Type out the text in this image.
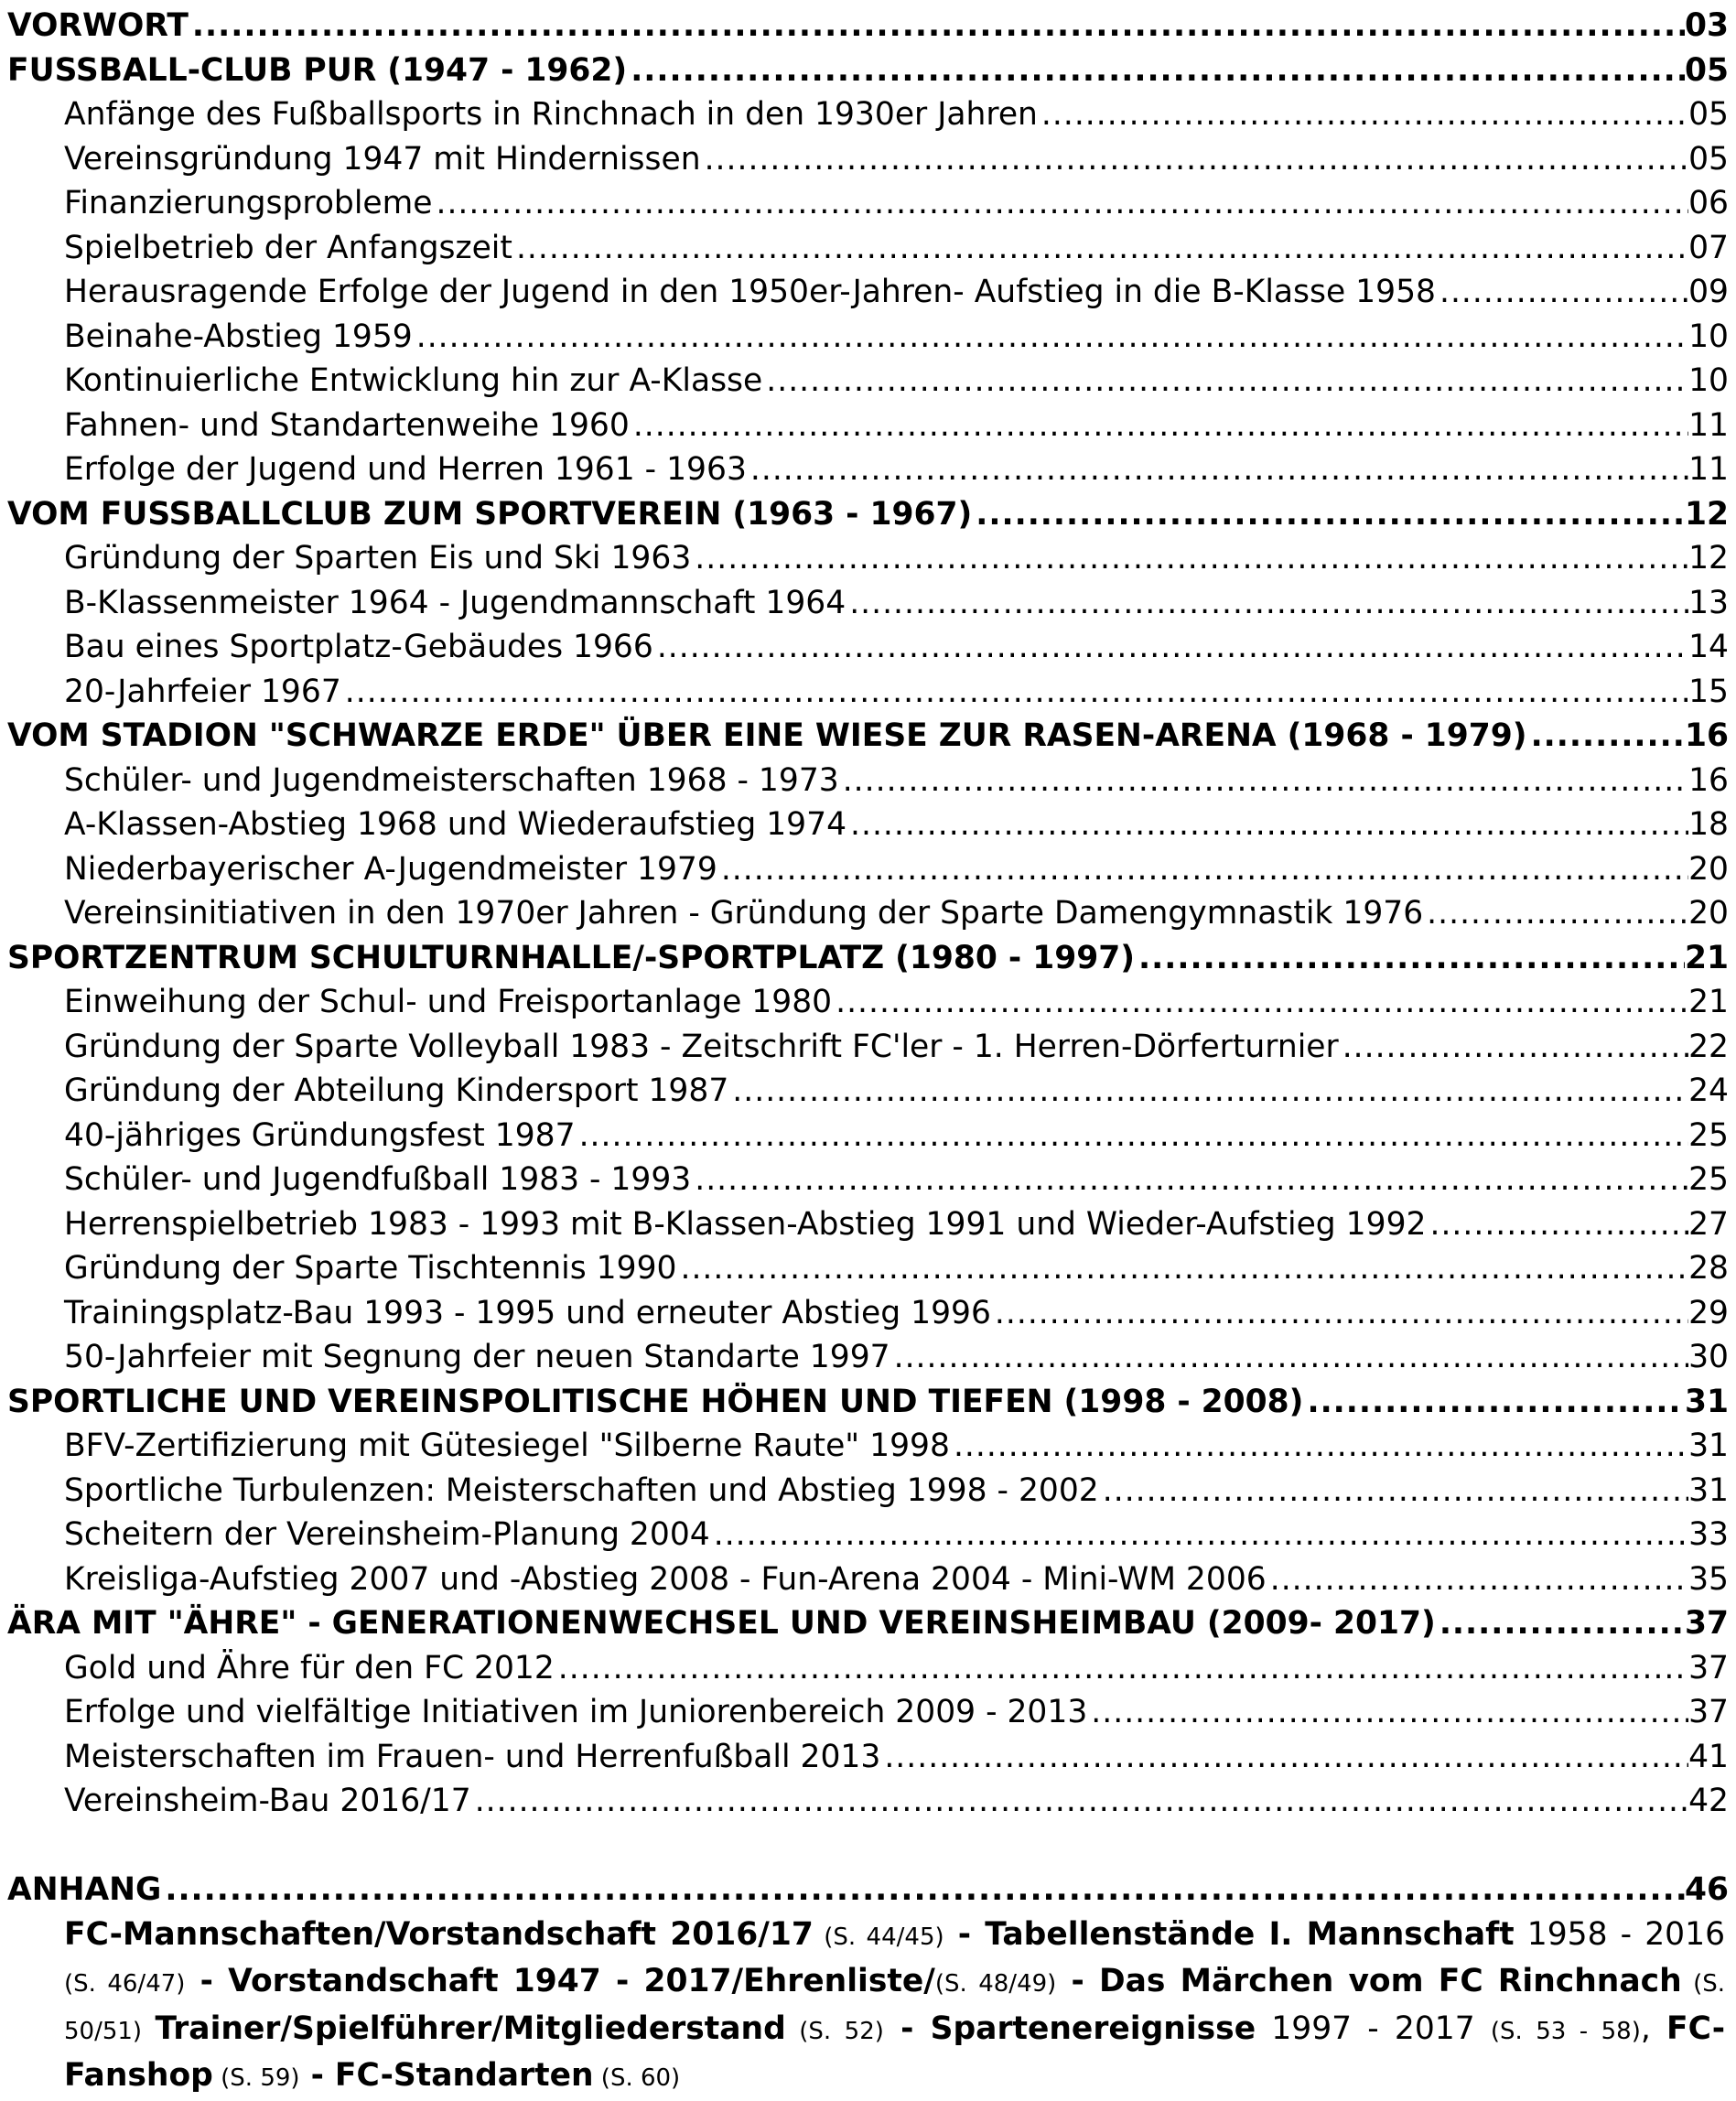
VORWORT .....	03
FUSSBALL-CLUB PUR (1947 - 1962) .....	05
Anfänge des Fußballsports in Rinchnach in den 1930er Jahren .....	05
Vereinsgründung 1947 mit Hindernissen .....	05
Finanzierungsprobleme .....	06
Spielbetrieb der Anfangszeit .....	07
Herausragende Erfolge der Jugend in den 1950er-Jahren- Aufstieg in die B-Klasse 1958 .....	09
Beinahe-Abstieg 1959 .....	10
Kontinuierliche Entwicklung hin zur A-Klasse .....	10
Fahnen- und Standartenweihe 1960 .....	11
Erfolge der Jugend und Herren 1961 - 1963 .....	11
VOM FUSSBALLCLUB ZUM SPORTVEREIN (1963 - 1967) .....	12
Gründung der Sparten Eis und Ski 1963 .....	12
B-Klassenmeister 1964 - Jugendmannschaft 1964 .....	13
Bau eines Sportplatz-Gebäudes 1966 .....	14
20-Jahrfeier 1967 .....	15
VOM STADION "SCHWARZE ERDE" ÜBER EINE WIESE ZUR RASEN-ARENA (1968 - 1979) .....	16
Schüler- und Jugendmeisterschaften 1968 - 1973 .....	16
A-Klassen-Abstieg 1968 und Wiederaufstieg 1974 .....	18
Niederbayerischer A-Jugendmeister 1979 .....	20
Vereinsinitiativen in den 1970er Jahren - Gründung der Sparte Damengymnastik 1976 .....	20
SPORTZENTRUM SCHULTURNHALLE/-SPORTPLATZ (1980 - 1997) .....	21
Einweihung der Schul- und Freisportanlage 1980 .....	21
Gründung der Sparte Volleyball 1983 - Zeitschrift FC'ler - 1. Herren-Dörferturnier .....	22
Gründung der Abteilung Kindersport 1987 .....	24
40-jähriges Gründungsfest 1987 .....	25
Schüler- und Jugendfußball 1983 - 1993 .....	25
Herrenspielbetrieb 1983 - 1993 mit B-Klassen-Abstieg 1991 und Wieder-Aufstieg 1992 .....	27
Gründung der Sparte Tischtennis 1990 .....	28
Trainingsplatz-Bau 1993 - 1995 und erneuter Abstieg 1996 .....	29
50-Jahrfeier mit Segnung der neuen Standarte 1997 .....	30
SPORTLICHE UND VEREINSPOLITISCHE HÖHEN UND TIEFEN (1998 - 2008) .....	31
BFV-Zertifizierung mit Gütesiegel "Silberne Raute" 1998 .....	31
Sportliche Turbulenzen: Meisterschaften und Abstieg 1998 - 2002 .....	31
Scheitern der Vereinsheim-Planung 2004 .....	33
Kreisliga-Aufstieg 2007 und -Abstieg 2008 - Fun-Arena 2004 - Mini-WM 2006 .....	35
ÄRA MIT "ÄHRE" - GENERATIONENWECHSEL UND VEREINSHEIMBAU (2009- 2017) .....	37
Gold und Ähre für den FC 2012 .....	37
Erfolge und vielfältige Initiativen im Juniorenbereich 2009 - 2013 .....	37
Meisterschaften im Frauen- und Herrenfußball 2013 .....	41
Vereinsheim-Bau 2016/17 .....	42
ANHANG .....	46
FC-Mannschaften/Vorstandschaft 2016/17 (S. 44/45) - Tabellenstände I. Mannschaft 1958 - 2016 (S. 46/47) - Vorstandschaft 1947 - 2017/Ehrenliste/(S. 48/49) - Das Märchen vom FC Rinchnach (S. 50/51) Trainer/Spielführer/Mitgliederstand (S. 52) - Spartenereignisse 1997 - 2017 (S. 53 - 58), FC-Fanshop (S. 59) - FC-Standarten (S. 60)
